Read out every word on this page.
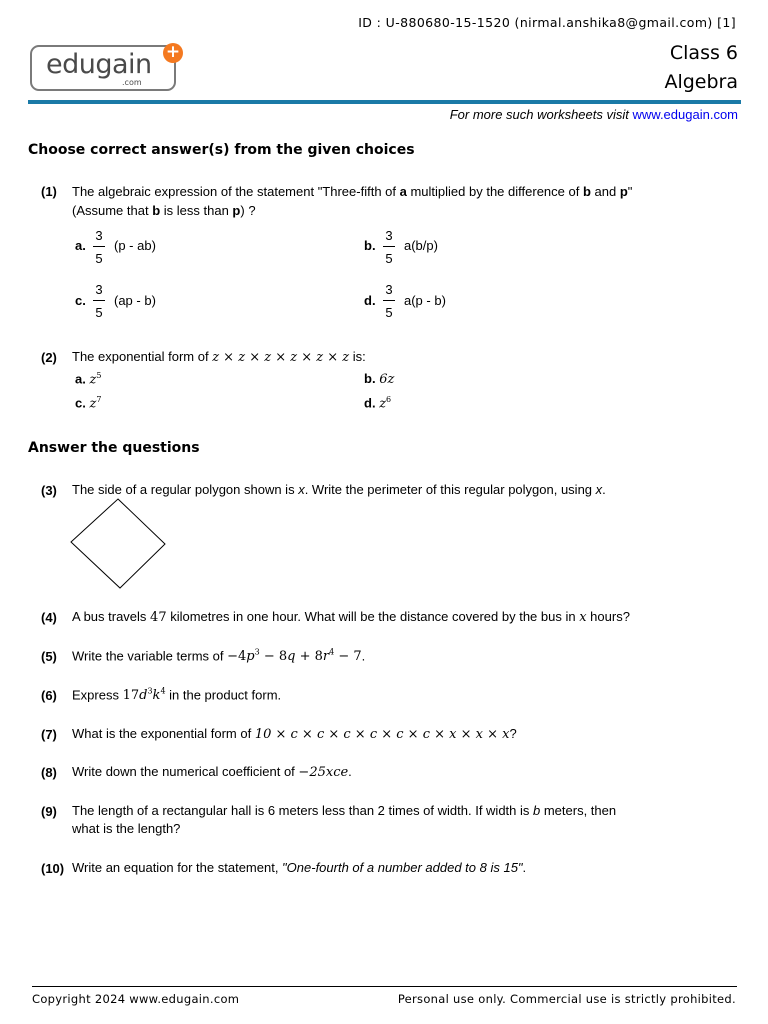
ID : U-880680-15-1520 (nirmal.anshika8@gmail.com) [1]
edugain
.com
+	Class 6
Algebra
For more such worksheets visit www.edugain.com
Choose correct answer(s) from the given choices
(1) The algebraic expression of the statement "Three-fifth of a multiplied by the difference of b and p"
(Assume that b is less than p) ?
a.
3
5
(p - ab)	b.
3
5
a(b/p)
c.
3
5
(ap - b)	d.
3
5
a(p - b)
(2) The exponential form of z × z × z × z × z × z is:
a. $z^5$	b. 6z
c. $z^7$	d. $z^6$
Answer the questions
(3) The side of a regular polygon shown is x. Write the perimeter of this regular polygon, using x.
(4) A bus travels 47 kilometres in one hour. What will be the distance covered by the bus in x hours?
(5) Write the variable terms of $-4p^3 - 8q + 8r^4 - 7$.
(6) Express $17d^3k^4$ in the product form.
(7) What is the exponential form of 10 × c × c × c × c × c × c × x × x × x?
(8) Write down the numerical coefficient of −25xce.
(9) The length of a rectangular hall is 6 meters less than 2 times of width. If width is b meters, then
what is the length?
(10) Write an equation for the statement, "One-fourth of a number added to 8 is 15".
Copyright 2024 www.edugain.com	Personal use only. Commercial use is strictly prohibited.
